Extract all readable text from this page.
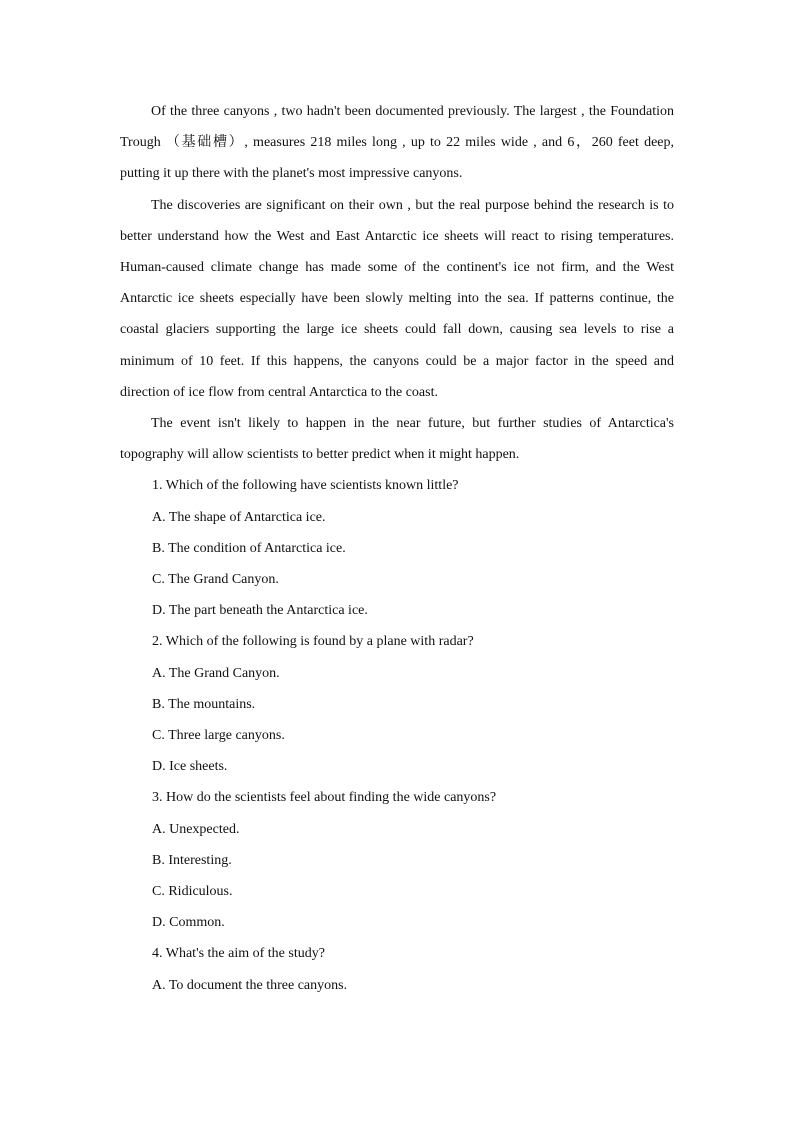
Of the three canyons , two hadn't been documented previously. The largest , the Foundation Trough （基础槽）, measures 218 miles long , up to 22 miles wide , and 6，260 feet deep, putting it up there with the planet's most impressive canyons.

The discoveries are significant on their own , but the real purpose behind the research is to better understand how the West and East Antarctic ice sheets will react to rising temperatures. Human-caused climate change has made some of the continent's ice not firm, and the West Antarctic ice sheets especially have been slowly melting into the sea. If patterns continue, the coastal glaciers supporting the large ice sheets could fall down, causing sea levels to rise a minimum of 10 feet. If this happens, the canyons could be a major factor in the speed and direction of ice flow from central Antarctica to the coast.

The event isn't likely to happen in the near future, but further studies of Antarctica's topography will allow scientists to better predict when it might happen.

1. Which of the following have scientists known little?

A. The shape of Antarctica ice.

B. The condition of Antarctica ice.

C. The Grand Canyon.

D. The part beneath the Antarctica ice.

2. Which of the following is found by a plane with radar?

A. The Grand Canyon.

B. The mountains.

C. Three large canyons.

D. Ice sheets.

3. How do the scientists feel about finding the wide canyons?

A. Unexpected.

B. Interesting.

C. Ridiculous.

D. Common.

4. What's the aim of the study?

A. To document the three canyons.
